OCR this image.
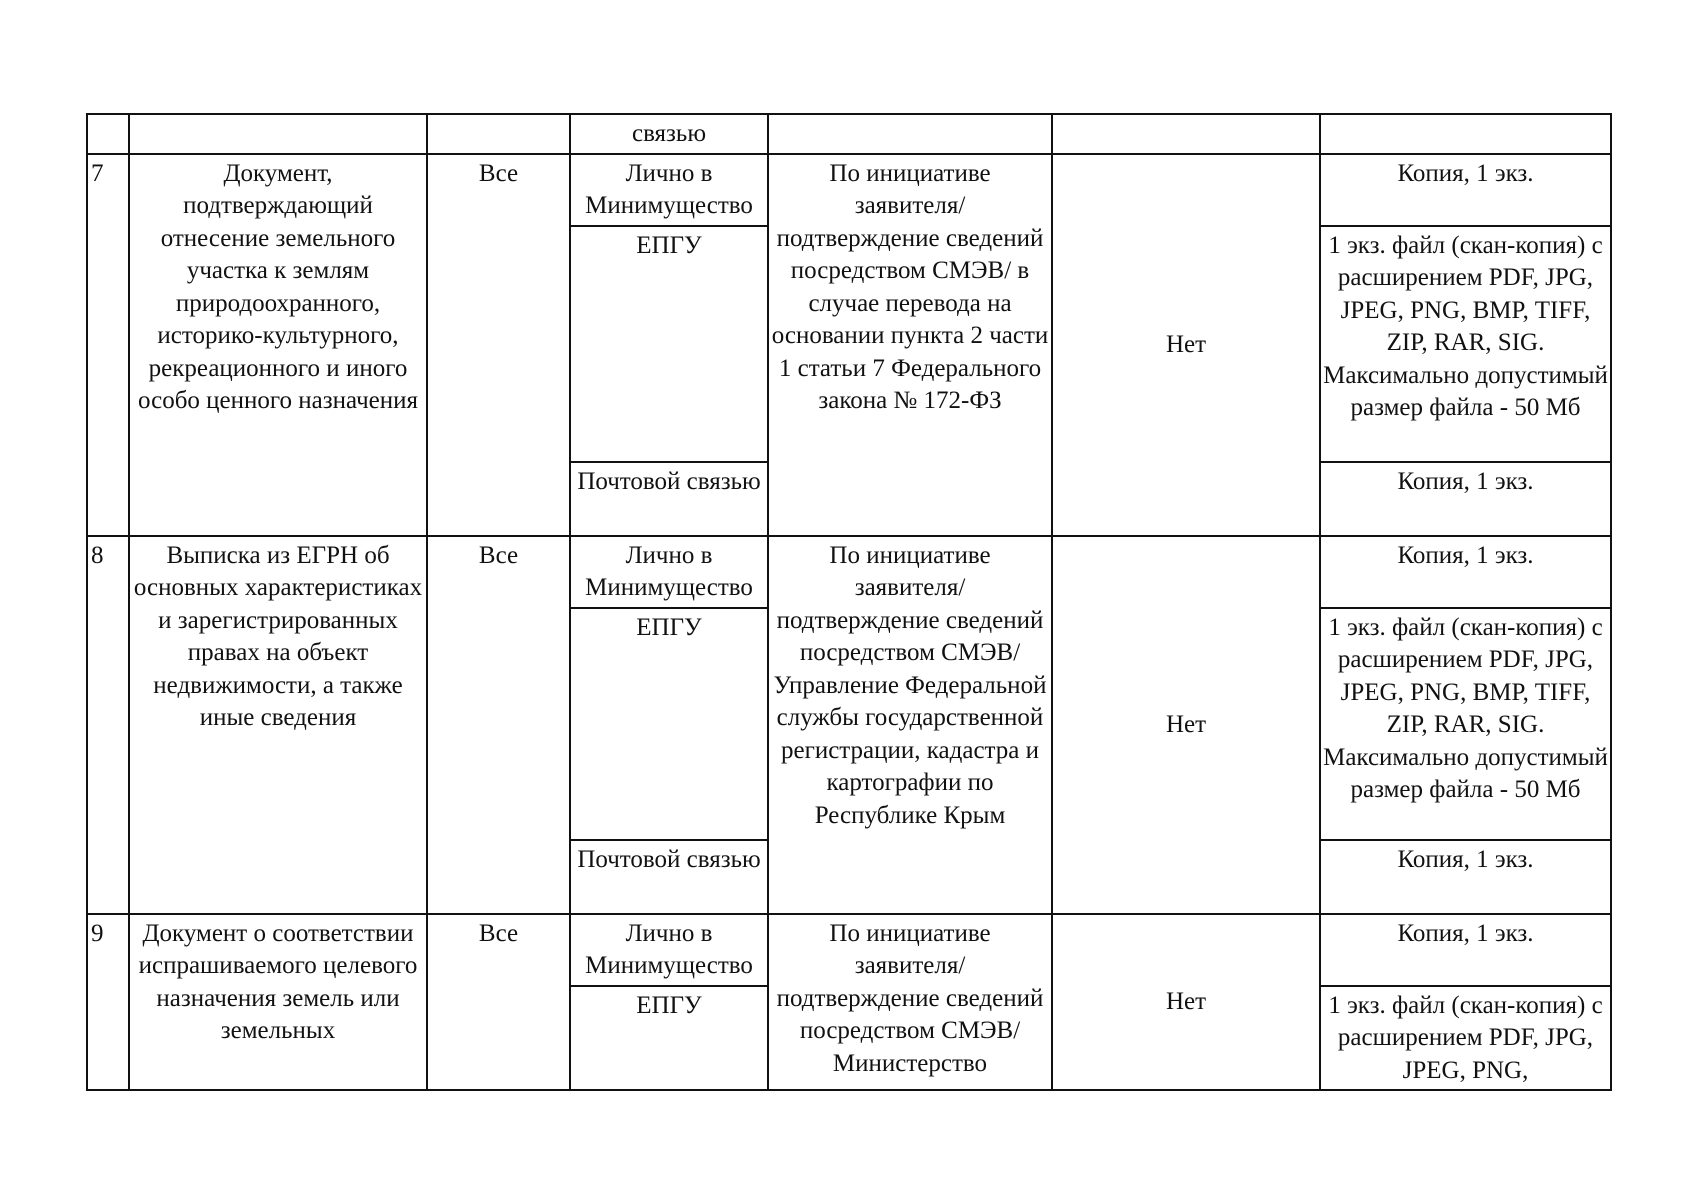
			связью			
7	Документ, подтверждающий отнесение земельного участка к землям природоохранного, историко-культурного, рекреационного и иного особо ценного назначения	Все	Лично в Минимущество	По инициативе заявителя/ подтверждение сведений посредством СМЭВ/ в случае перевода на основании пункта 2 части 1 статьи 7 Федерального закона № 172-ФЗ	Нет	Копия, 1 экз.
			ЕПГУ			1 экз. файл (скан-копия) с расширением PDF, JPG, JPEG, PNG, BMP, TIFF, ZIP, RAR, SIG. Максимально допустимый размер файла - 50 Мб
			Почтовой связью			Копия, 1 экз.
8	Выписка из ЕГРН об основных характеристиках и зарегистрированных правах на объект недвижимости, а также иные сведения	Все	Лично в Минимущество	По инициативе заявителя/ подтверждение сведений посредством СМЭВ/ Управление Федеральной службы государственной регистрации, кадастра и картографии по Республике Крым	Нет	Копия, 1 экз.
			ЕПГУ			1 экз. файл (скан-копия) с расширением PDF, JPG, JPEG, PNG, BMP, TIFF, ZIP, RAR, SIG. Максимально допустимый размер файла - 50 Мб
			Почтовой связью			Копия, 1 экз.
9	Документ о соответствии испрашиваемого целевого назначения земель или земельных	Все	Лично в Минимущество	По инициативе заявителя/ подтверждение сведений посредством СМЭВ/ Министерство	Нет	Копия, 1 экз.
			ЕПГУ			1 экз. файл (скан-копия) с расширением PDF, JPG, JPEG, PNG,
